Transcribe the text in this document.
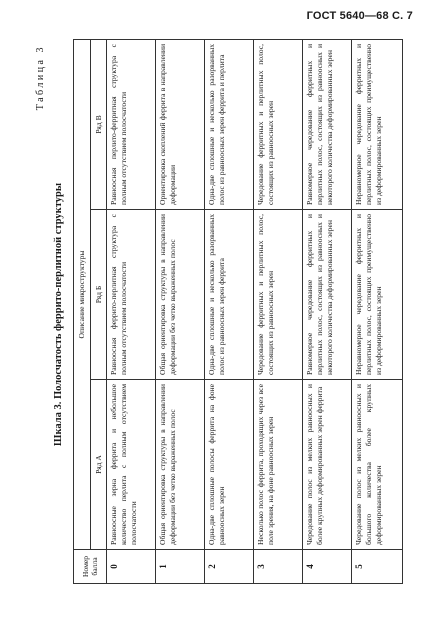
ГОСТ 5640—68 С. 7
Таблица 3
Шкала 3. Полосчатость феррито-перлитной структуры
Номер балла	Описание микроструктуры		
	Ряд А	Ряд Б	Ряд В
0	Равноосные зерна феррита и небольшое количество перлита с полным отсутствием полосчатости	Равноосная феррито-перлитная структура с полным отсутствием полосчатости	Равноосная перлито-ферритная структура с полным отсутствием полосчатости
1	Общая ориентировка структуры в направлении деформации без четко выраженных полос	Общая ориентировка структуры в направлении деформации без четко выраженных полос	Ориентировка скоплений феррита в направлении деформации
2	Одна-две сплошные полосы феррита на фоне равноосных зерен	Одна-две сплошные и несколько разорванных полос из равноосных зерен феррита	Одна-две сплошные и несколько разорванных полос из равноосных зерен феррита и перлита
3	Несколько полос феррита, проходящих через все поле зрения, на фоне равноосных зерен	Чередование ферритных и перлитных полос, состоящих из равноосных зерен	Чередование ферритных и перлитных полос, состоящих из равноосных зерен
4	Чередование полос из мелких равноосных и более крупных деформированных зерен феррита	Равномерное чередование ферритных и перлитных полос, состоящих из равноосных и некоторого количества деформированных зерен	Равномерное чередование ферритных и перлитных полос, состоящих из равноосных и некоторого количества деформированных зерен
5	Чередование полос из мелких равноосных и большого количества более крупных деформированных зерен	Неравномерное чередование ферритных и перлитных полос, состоящих преимущественно из деформированных зерен	Неравномерное чередование ферритных и перлитных полос, состоящих преимущественно из деформированных зерен
